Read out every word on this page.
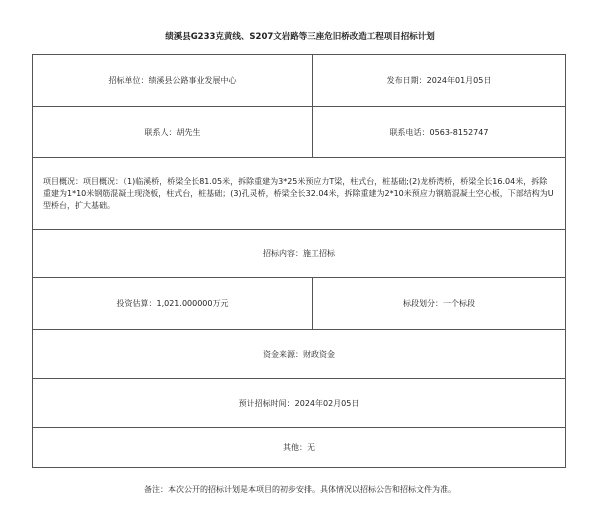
绩溪县G233克黄线、S207文岩路等三座危旧桥改造工程项目招标计划
招标单位：绩溪县公路事业发展中心	发布日期：2024年01月05日
联系人：胡先生	联系电话：0563-8152747
项目概况：项目概况：（1)临溪桥，桥梁全长81.05米，拆除重建为3*25米预应力T梁，柱式台，桩基础;(2)龙桥湾桥，桥梁全长16.04米，拆除重建为1*10米钢筋混凝土现浇板，柱式台，桩基础；(3)孔灵桥，桥梁全长32.04米，拆除重建为2*10米预应力钢筋混凝土空心板，下部结构为U型桥台，扩大基础。
招标内容：施工招标
投资估算：1,021.000000万元	标段划分：一个标段
资金来源：财政资金
预计招标时间：2024年02月05日
其他：无
备注：本次公开的招标计划是本项目的初步安排。具体情况以招标公告和招标文件为准。
